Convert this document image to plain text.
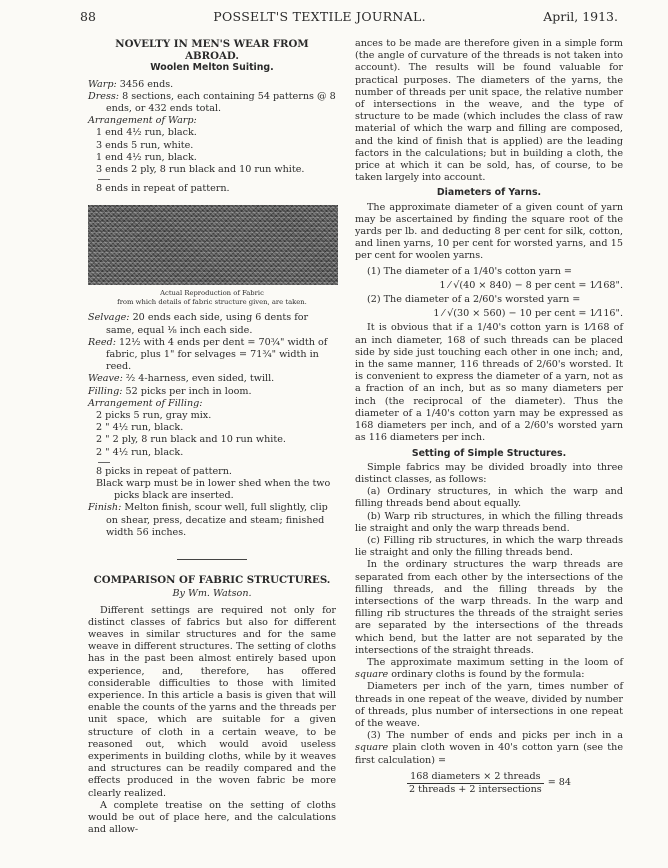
88	POSSELT'S TEXTILE JOURNAL.	April, 1913.

NOVELTY IN MEN'S WEAR FROM ABROAD.

Woolen Melton Suiting.

Warp: 3456 ends.

Dress: 8 sections, each containing 54 patterns @ 8 ends, or 432 ends total.

Arrangement of Warp:

1 end 4½ run, black.

3 ends 5 run, white.

1 end 4½ run, black.

3 ends 2 ply, 8 run black and 10 run white.

8 ends in repeat of pattern.

Actual Reproduction of Fabric

from which details of fabric structure given, are taken.

Selvage: 20 ends each side, using 6 dents for same, equal ⅛ inch each side.

Reed: 12½ with 4 ends per dent = 70¾" width of fabric, plus 1" for selvages = 71¾" width in reed.

Weave: ²⁄₂ 4-harness, even sided, twill.

Filling: 52 picks per inch in loom.

Arrangement of Filling:

2 picks 5 run, gray mix.

2 " 4½ run, black.

2 " 2 ply, 8 run black and 10 run white.

2 " 4½ run, black.

8 picks in repeat of pattern.

Black warp must be in lower shed when the two picks black are inserted.

Finish: Melton finish, scour well, full slightly, clip on shear, press, decatize and steam; finished width 56 inches.

COMPARISON OF FABRIC STRUCTURES.

By Wm. Watson.

Different settings are required not only for distinct classes of fabrics but also for different weaves in similar structures and for the same weave in different structures. The setting of cloths has in the past been almost entirely based upon experience, and, therefore, has offered considerable difficulties to those with limited experience. In this article a basis is given that will enable the counts of the yarns and the threads per unit space, which are suitable for a given structure of cloth in a certain weave, to be reasoned out, which would avoid useless experiments in building cloths, while by it weaves and structures can be readily compared and the effects produced in the woven fabric be more clearly realized.

A complete treatise on the setting of cloths would be out of place here, and the calculations and allow-

ances to be made are therefore given in a simple form (the angle of curvature of the threads is not taken into account). The results will be found valuable for practical purposes. The diameters of the yarns, the number of threads per unit space, the relative number of intersections in the weave, and the type of structure to be made (which includes the class of raw material of which the warp and filling are composed, and the kind of finish that is applied) are the leading factors in the calculations; but in building a cloth, the price at which it can be sold, has, of course, to be taken largely into account.

Diameters of Yarns.

The approximate diameter of a given count of yarn may be ascertained by finding the square root of the yards per lb. and deducting 8 per cent for silk, cotton, and linen yarns, 10 per cent for worsted yarns, and 15 per cent for woolen yarns.

(1) The diameter of a 1/40's cotton yarn =

1 ⁄ √(40 × 840) − 8 per cent = 1⁄168".

(2) The diameter of a 2/60's worsted yarn =

1 ⁄ √(30 × 560) − 10 per cent = 1⁄116".

It is obvious that if a 1/40's cotton yarn is 1⁄168 of an inch diameter, 168 of such threads can be placed side by side just touching each other in one inch; and, in the same manner, 116 threads of 2/60's worsted. It is convenient to express the diameter of a yarn, not as a fraction of an inch, but as so many diameters per inch (the reciprocal of the diameter). Thus the diameter of a 1/40's cotton yarn may be expressed as 168 diameters per inch, and of a 2/60's worsted yarn as 116 diameters per inch.

Setting of Simple Structures.

Simple fabrics may be divided broadly into three distinct classes, as follows:

(a) Ordinary structures, in which the warp and filling threads bend about equally.

(b) Warp rib structures, in which the filling threads lie straight and only the warp threads bend.

(c) Filling rib structures, in which the warp threads lie straight and only the filling threads bend.

In the ordinary structures the warp threads are separated from each other by the intersections of the filling threads, and the filling threads by the intersections of the warp threads. In the warp and filling rib structures the threads of the straight series are separated by the intersections of the threads which bend, but the latter are not separated by the intersections of the straight threads.

The approximate maximum setting in the loom of square ordinary cloths is found by the formula:

Diameters per inch of the yarn, times number of threads in one repeat of the weave, divided by number of threads, plus number of intersections in one repeat of the weave.

(3) The number of ends and picks per inch in a square plain cloth woven in 40's cotton yarn (see the first calculation) =

$\frac{\text{168 diameters × 2 threads}}{\text{2 threads + 2 intersections}} = 84$
